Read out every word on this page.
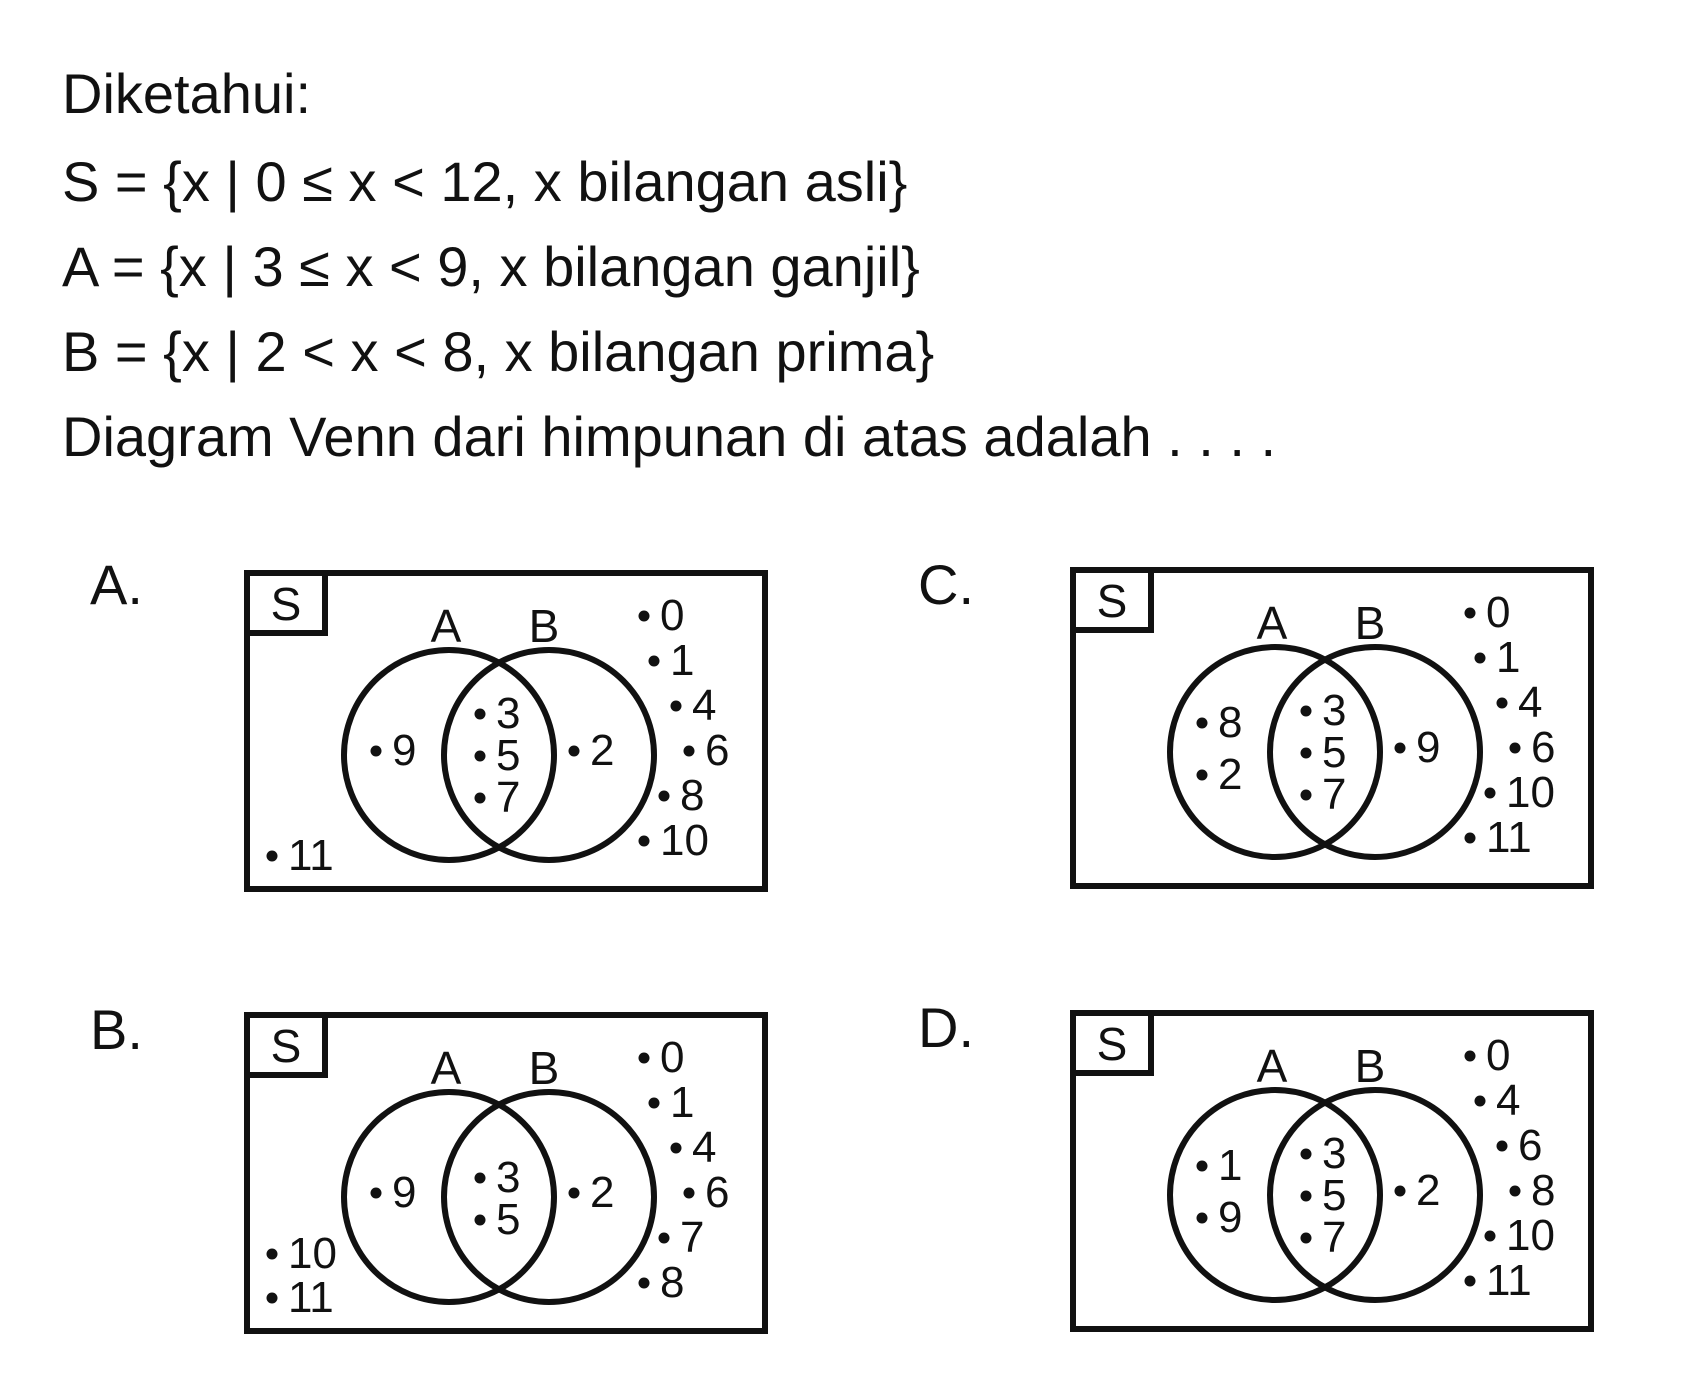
Diketahui:
S = {x | 0 ≤ x < 12, x bilangan asli}
A = {x | 3 ≤ x < 9, x bilangan ganjil}
B = {x | 2 < x < 8, x bilangan prima}
Diagram Venn dari himpunan di atas adalah . . . .
A.	S	A B
3
5
7
9	2
11
0
1
4
6
8
10
B.	S	A B
3
5
9	2
10
11
0
1
4
6
7
8
C.	S	A B
3
5
7
8
2
9
0
1
4
6
10
11
D.	S	A B
3
5
7
1
9
2
0
4
6
8
10
11
